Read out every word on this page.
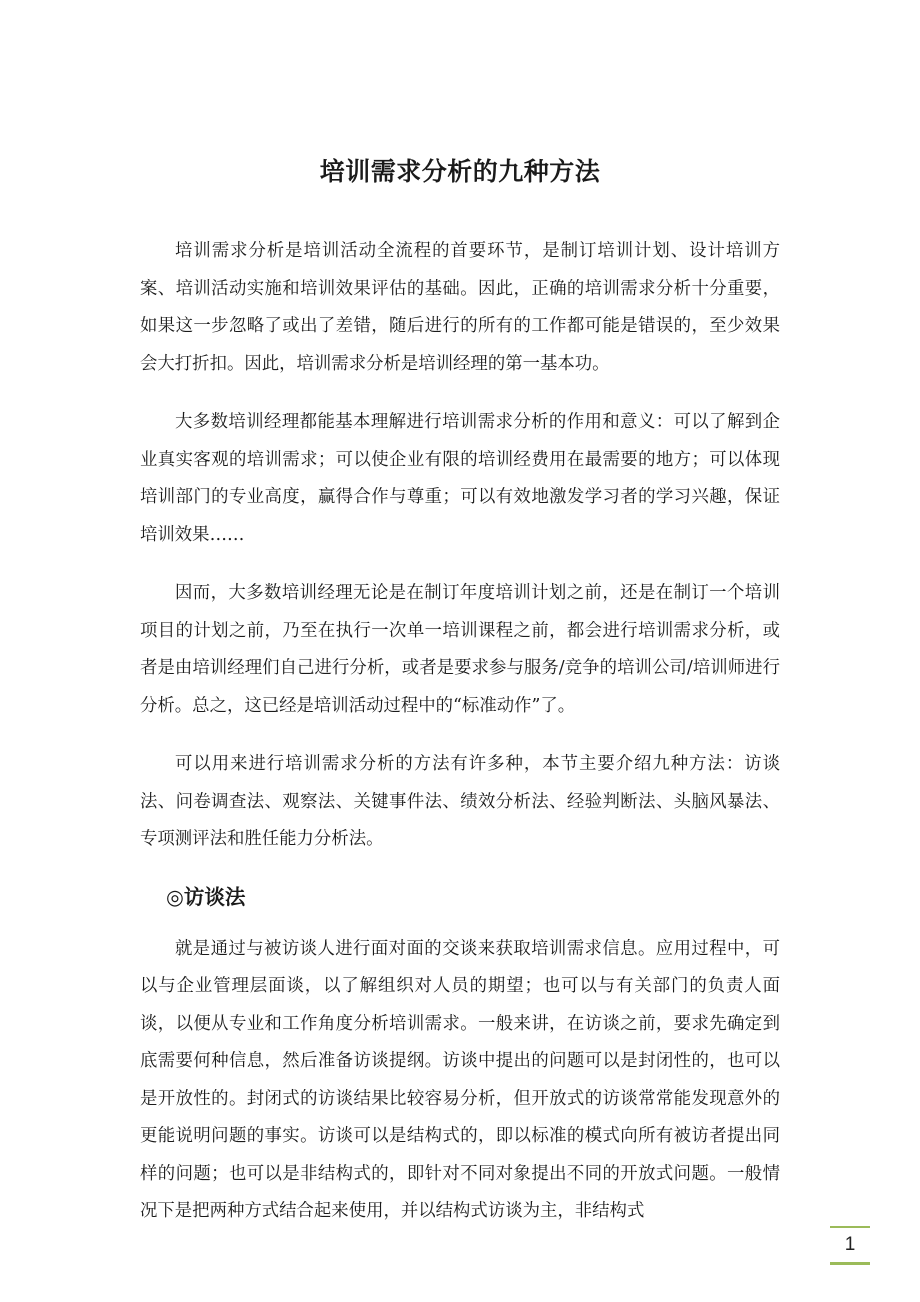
培训需求分析的九种方法

培训需求分析是培训活动全流程的首要环节，是制订培训计划、设计培训方案、培训活动实施和培训效果评估的基础。因此，正确的培训需求分析十分重要，如果这一步忽略了或出了差错，随后进行的所有的工作都可能是错误的，至少效果会大打折扣。因此，培训需求分析是培训经理的第一基本功。

大多数培训经理都能基本理解进行培训需求分析的作用和意义：可以了解到企业真实客观的培训需求；可以使企业有限的培训经费用在最需要的地方；可以体现培训部门的专业高度，赢得合作与尊重；可以有效地激发学习者的学习兴趣，保证培训效果……

因而，大多数培训经理无论是在制订年度培训计划之前，还是在制订一个培训项目的计划之前，乃至在执行一次单一培训课程之前，都会进行培训需求分析，或者是由培训经理们自己进行分析，或者是要求参与服务/竞争的培训公司/培训师进行分析。总之，这已经是培训活动过程中的“标准动作”了。

可以用来进行培训需求分析的方法有许多种，本节主要介绍九种方法：访谈法、问卷调查法、观察法、关键事件法、绩效分析法、经验判断法、头脑风暴法、专项测评法和胜任能力分析法。

◎访谈法

就是通过与被访谈人进行面对面的交谈来获取培训需求信息。应用过程中，可以与企业管理层面谈，以了解组织对人员的期望；也可以与有关部门的负责人面谈，以便从专业和工作角度分析培训需求。一般来讲，在访谈之前，要求先确定到底需要何种信息，然后准备访谈提纲。访谈中提出的问题可以是封闭性的，也可以是开放性的。封闭式的访谈结果比较容易分析，但开放式的访谈常常能发现意外的更能说明问题的事实。访谈可以是结构式的，即以标准的模式向所有被访者提出同样的问题；也可以是非结构式的，即针对不同对象提出不同的开放式问题。一般情况下是把两种方式结合起来使用，并以结构式访谈为主，非结构式

1
